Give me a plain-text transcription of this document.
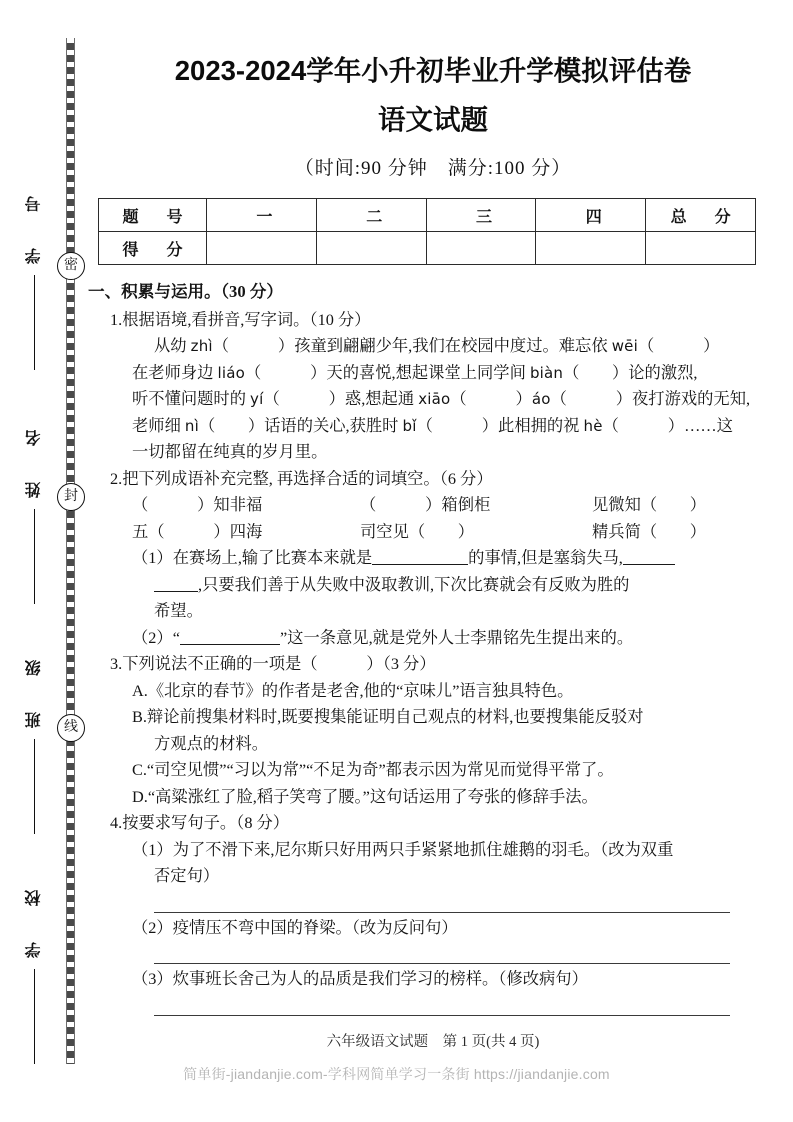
密
封
线
学　号
姓　名
班　级
学　校
2023-2024学年小升初毕业升学模拟评估卷
语文试题
（时间:90 分钟　满分:100 分）
题　号	一	二	三	四	总　分
得　分					
一、积累与运用。（30 分）
1.根据语境,看拼音,写字词。（10 分）
从幼 zhì（　　　）孩童到翩翩少年,我们在校园中度过。难忘依 wēi（　　　）
在老师身边 liáo（　　　）天的喜悦,想起课堂上同学间 biàn（　　）论的激烈,
听不懂问题时的 yí（　　　）惑,想起通 xiāo（　　　）áo（　　　）夜打游戏的无知,
老师细 nì（　　）话语的关心,获胜时 bǐ（　　　）此相拥的祝 hè（　　　）……这
一切都留在纯真的岁月里。
2.把下列成语补充完整, 再选择合适的词填空。（6 分）
（　　　）知非福	（　　　）箱倒柜	见微知（　　）
五（　　　）四海	司空见（　　）	精兵简（　　）
（1）在赛场上,输了比赛本来就是	的事情,但是塞翁失马,
,只要我们善于从失败中汲取教训,下次比赛就会有反败为胜的
希望。
（2）“	”这一条意见,就是党外人士李鼎铭先生提出来的。
3.下列说法不正确的一项是（　　　）（3 分）
A.《北京的春节》的作者是老舍,他的“京味儿”语言独具特色。
B.辩论前搜集材料时,既要搜集能证明自己观点的材料,也要搜集能反驳对
方观点的材料。
C.“司空见惯”“习以为常”“不足为奇”都表示因为常见而觉得平常了。
D.“高粱涨红了脸,稻子笑弯了腰。”这句话运用了夸张的修辞手法。
4.按要求写句子。（8 分）
（1）为了不滑下来,尼尔斯只好用两只手紧紧地抓住雄鹅的羽毛。（改为双重
否定句）
（2）疫情压不弯中国的脊梁。（改为反问句）
（3）炊事班长舍己为人的品质是我们学习的榜样。（修改病句）
六年级语文试题　第 1 页(共 4 页)
简单街-jiandanjie.com-学科网简单学习一条街 https://jiandanjie.com
